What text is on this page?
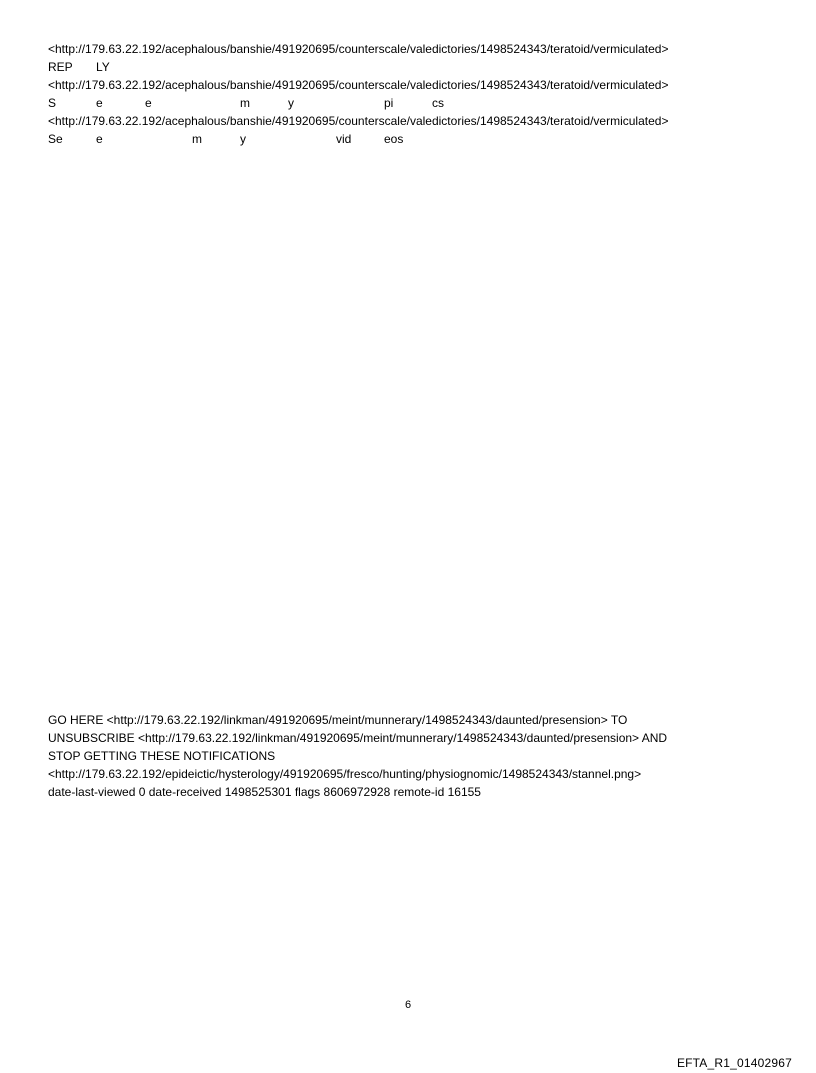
<http://179.63.22.192/acephalous/banshie/491920695/counterscale/valedictories/1498524343/teratoid/vermiculated>
REP LY
<http://179.63.22.192/acephalous/banshie/491920695/counterscale/valedictories/1498524343/teratoid/vermiculated>
S	e	e	m	y	pi	cs
<http://179.63.22.192/acephalous/banshie/491920695/counterscale/valedictories/1498524343/teratoid/vermiculated>
Se	e	m	y	vid	eos
GO HERE <http://179.63.22.192/linkman/491920695/meint/munnerary/1498524343/daunted/presension> TO
UNSUBSCRIBE <http://179.63.22.192/linkman/491920695/meint/munnerary/1498524343/daunted/presension> AND
STOP GETTING THESE NOTIFICATIONS
<http://179.63.22.192/epideictic/hysterology/491920695/fresco/hunting/physiognomic/1498524343/stannel.png>
date-last-viewed 0 date-received 1498525301 flags 8606972928 remote-id 16155
6
EFTA_R1_01402967
